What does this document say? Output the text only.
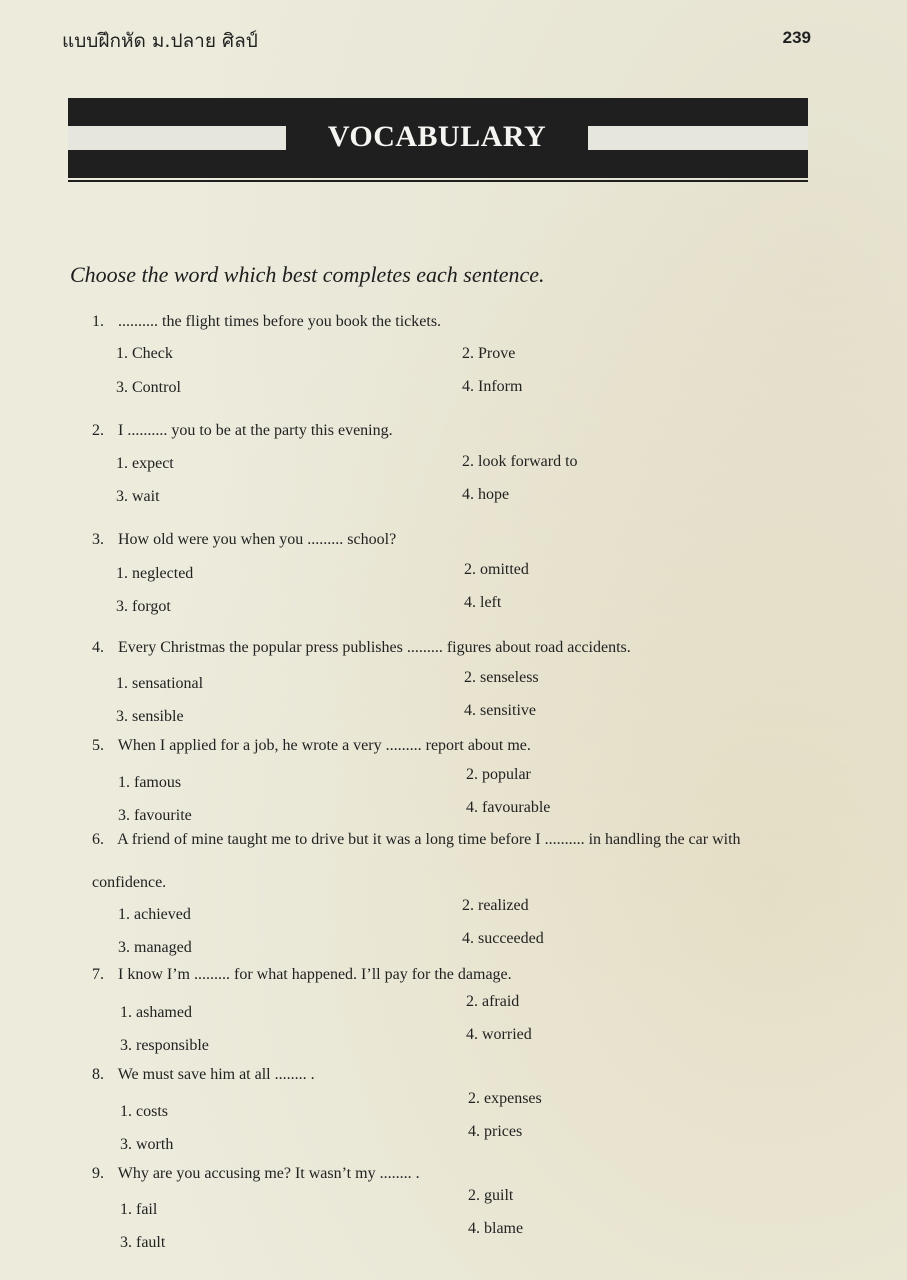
แบบฝึกหัด ม.ปลาย ศิลป์	239
VOCABULARY
Choose the word which best completes each sentence.
1. .......... the flight times before you book the tickets.
1. Check	2. Prove
3. Control	4. Inform
2. I .......... you to be at the party this evening.
1. expect	2. look forward to
3. wait	4. hope
3. How old were you when you ......... school?
1. neglected	2. omitted
3. forgot	4. left
4. Every Christmas the popular press publishes ......... figures about road accidents.
1. sensational	2. senseless
3. sensible	4. sensitive
5. When I applied for a job, he wrote a very ......... report about me.
1. famous	2. popular
3. favourite	4. favourable
6. A friend of mine taught me to drive but it was a long time before I .......... in handling the car with confidence.
1. achieved
2. realized
3. managed
4. succeeded
7. I know I’m ......... for what happened. I’ll pay for the damage.
1. ashamed
2. afraid
3. responsible
4. worried
8. We must save him at all ........ .
1. costs
2. expenses
3. worth
4. prices
9. Why are you accusing me? It wasn’t my ........ .
1. fail
2. guilt
3. fault
4. blame
